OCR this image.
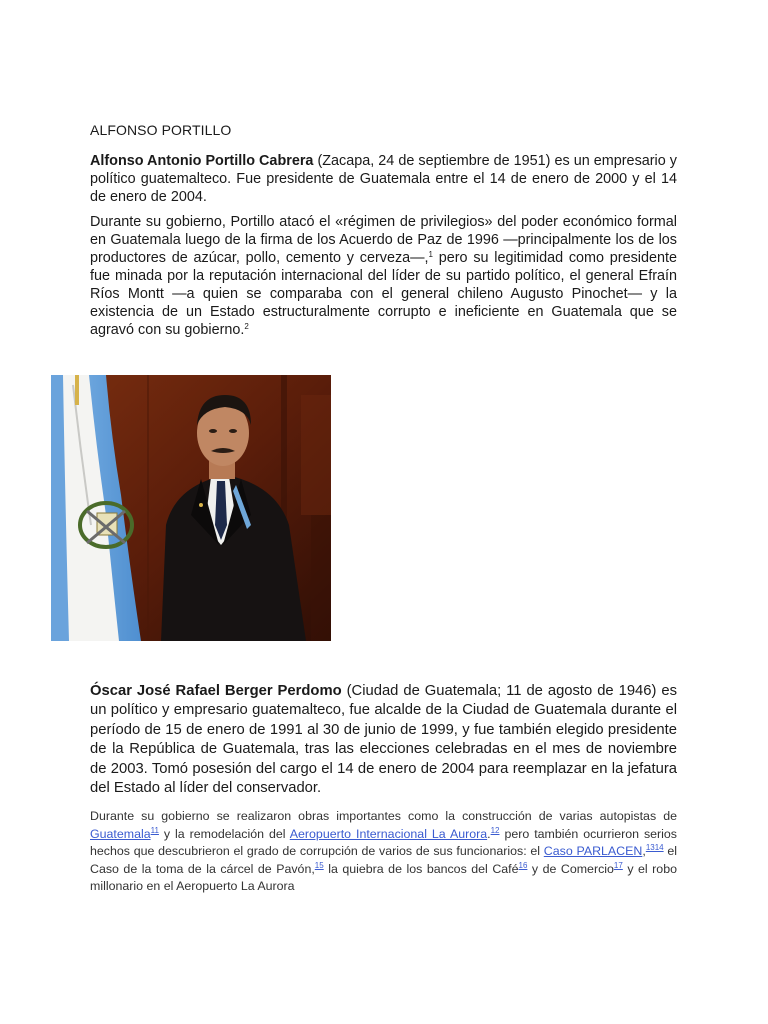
ALFONSO PORTILLO
Alfonso Antonio Portillo Cabrera (Zacapa, 24 de septiembre de 1951) es un empresario y político guatemalteco. Fue presidente de Guatemala entre el 14 de enero de 2000 y el 14 de enero de 2004.
Durante su gobierno, Portillo atacó el «régimen de privilegios» del poder económico formal en Guatemala luego de la firma de los Acuerdo de Paz de 1996 —principalmente los de los productores de azúcar, pollo, cemento y cerveza—,$^1$ pero su legitimidad como presidente fue minada por la reputación internacional del líder de su partido político, el general Efraín Ríos Montt —a quien se comparaba con el general chileno Augusto Pinochet— y la existencia de un Estado estructuralmente corrupto e ineficiente en Guatemala que se agravó con su gobierno.$^2$
Óscar José Rafael Berger Perdomo (Ciudad de Guatemala; 11 de agosto de 1946) es un político y empresario guatemalteco, fue alcalde de la Ciudad de Guatemala durante el período de 15 de enero de 1991 al 30 de junio de 1999, y fue también elegido presidente de la República de Guatemala, tras las elecciones celebradas en el mes de noviembre de 2003. Tomó posesión del cargo el 14 de enero de 2004 para reemplazar en la jefatura del Estado al líder del conservador.
Durante su gobierno se realizaron obras importantes como la construcción de varias autopistas de Guatemala$^{11}$ y la remodelación del Aeropuerto Internacional La Aurora.$^{12}$ pero también ocurrieron serios hechos que descubrieron el grado de corrupción de varios de sus funcionarios: el Caso PARLACEN,$^{1314}$ el Caso de la toma de la cárcel de Pavón,$^{15}$ la quiebra de los bancos del Café$^{16}$ y de Comercio$^{17}$ y el robo millonario en el Aeropuerto La Aurora
